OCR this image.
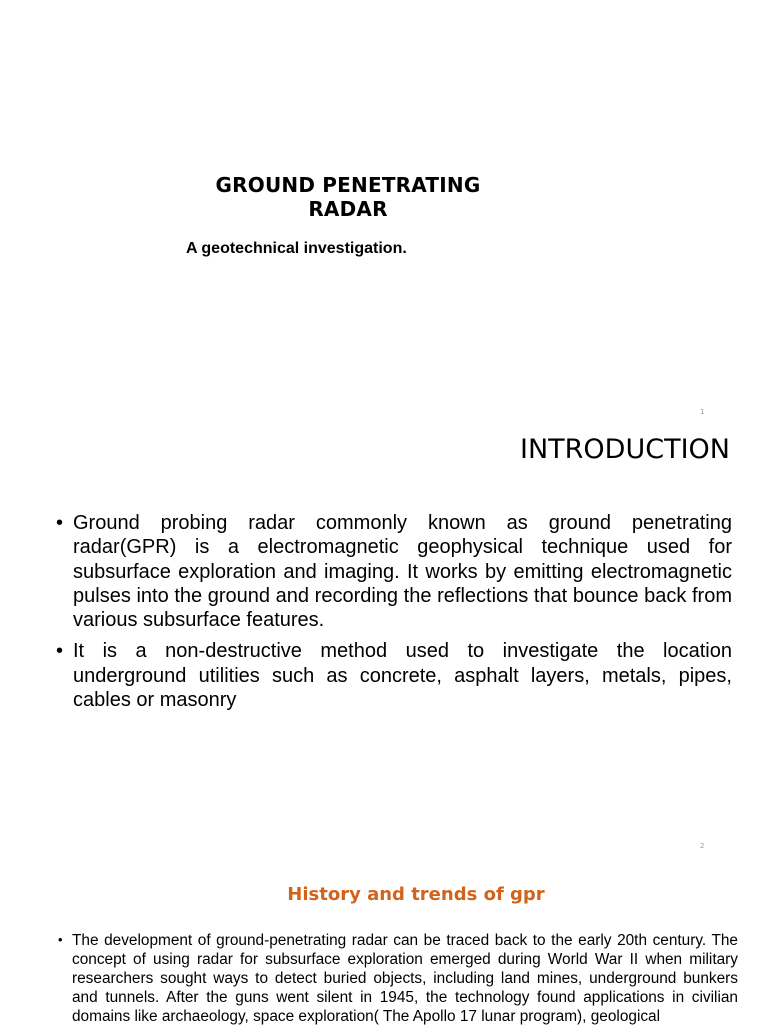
GROUND PENETRATING RADAR
A geotechnical investigation.
1
INTRODUCTION
• Ground probing radar commonly known as ground penetrating radar(GPR) is a electromagnetic geophysical technique used for subsurface exploration and imaging. It works by emitting electromagnetic pulses into the ground and recording the reflections that bounce back from various subsurface features.
• It is a non-destructive method used to investigate the location underground utilities such as concrete, asphalt layers, metals, pipes, cables or masonry
2
History and trends of gpr
• The development of ground-penetrating radar can be traced back to the early 20th century. The concept of using radar for subsurface exploration emerged during World War II when military researchers sought ways to detect buried objects, including land mines, underground bunkers and tunnels. After the guns went silent in 1945, the technology found applications in civilian domains like archaeology, space exploration( The Apollo 17 lunar program), geological
